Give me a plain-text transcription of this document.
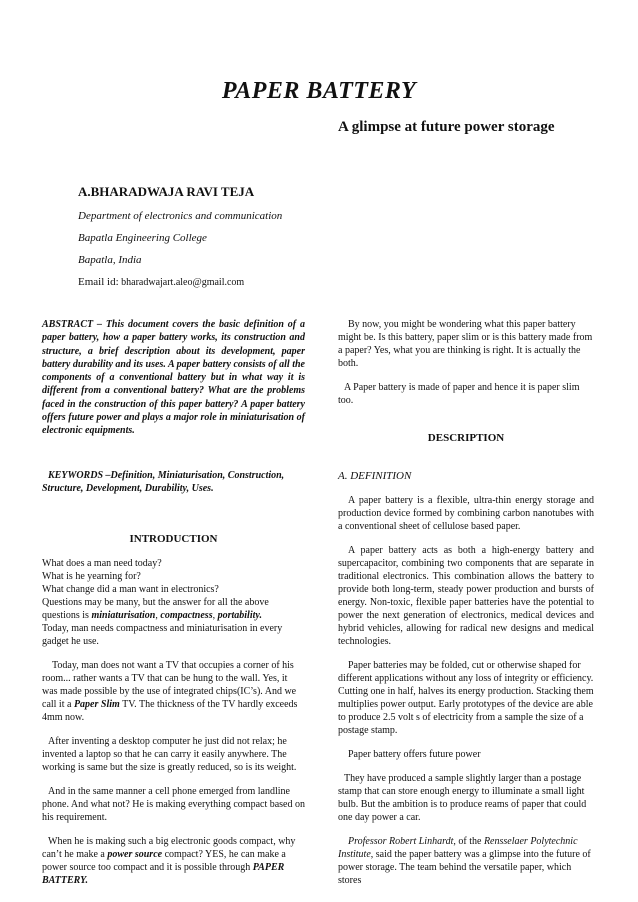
PAPER BATTERY
A glimpse at future power storage
A.BHARADWAJA RAVI TEJA
Department of electronics and communication
Bapatla Engineering College
Bapatla, India
Email id: bharadwajart.aleo@gmail.com

ABSTRACT – This document covers the basic definition of a paper battery, how a paper battery works, its construction and structure, a brief description about its development, paper battery durability and its uses. A paper battery consists of all the components of a conventional battery but in what way it is different from a conventional battery? What are the problems faced in the construction of this paper battery? A paper battery offers future power and plays a major role in miniaturisation of electronic equipments.

KEYWORDS –Definition, Miniaturisation, Construction, Structure, Development, Durability, Uses.

INTRODUCTION

What does a man need today?

What is he yearning for?

What change did a man want in electronics?

Questions may be many, but the answer for all the above

questions is miniaturisation, compactness, portability.

Today, man needs compactness and miniaturisation in every gadget he use.

Today, man does not want a TV that occupies a corner of his room... rather wants a TV that can be hung to the wall. Yes, it was made possible by the use of integrated chips(IC’s). And we call it a Paper Slim TV. The thickness of the TV hardly exceeds 4mm now.

After inventing a desktop computer he just did not relax; he invented a laptop so that he can carry it easily anywhere. The working is same but the size is greatly reduced, so is its weight.

And in the same manner a cell phone emerged from landline phone. And what not? He is making everything compact based on his requirement.

When he is making such a big electronic goods compact, why can’t he make a power source compact? YES, he can make a power source too compact and it is possible through PAPER BATTERY.

By now, you might be wondering what this paper battery might be. Is this battery, paper slim or is this battery made from a paper? Yes, what you are thinking is right. It is actually the both.

A Paper battery is made of paper and hence it is paper slim too.

DESCRIPTION

A. DEFINITION

A paper battery is a flexible, ultra-thin energy storage and production device formed by combining carbon nanotubes with a conventional sheet of cellulose based paper.

A paper battery acts as both a high-energy battery and supercapacitor, combining two components that are separate in traditional electronics. This combination allows the battery to provide both long-term, steady power production and bursts of energy. Non-toxic, flexible paper batteries have the potential to power the next generation of electronics, medical devices and hybrid vehicles, allowing for radical new designs and medical technologies.

Paper batteries may be folded, cut or otherwise shaped for different applications without any loss of integrity or efficiency. Cutting one in half, halves its energy production. Stacking them multiplies power output. Early prototypes of the device are able to produce 2.5 volt s of electricity from a sample the size of a postage stamp.

Paper battery offers future power

They have produced a sample slightly larger than a postage stamp that can store enough energy to illuminate a small light bulb. But the ambition is to produce reams of paper that could one day power a car.

Professor Robert Linhardt, of the Rensselaer Polytechnic Institute, said the paper battery was a glimpse into the future of power storage. The team behind the versatile paper, which stores
